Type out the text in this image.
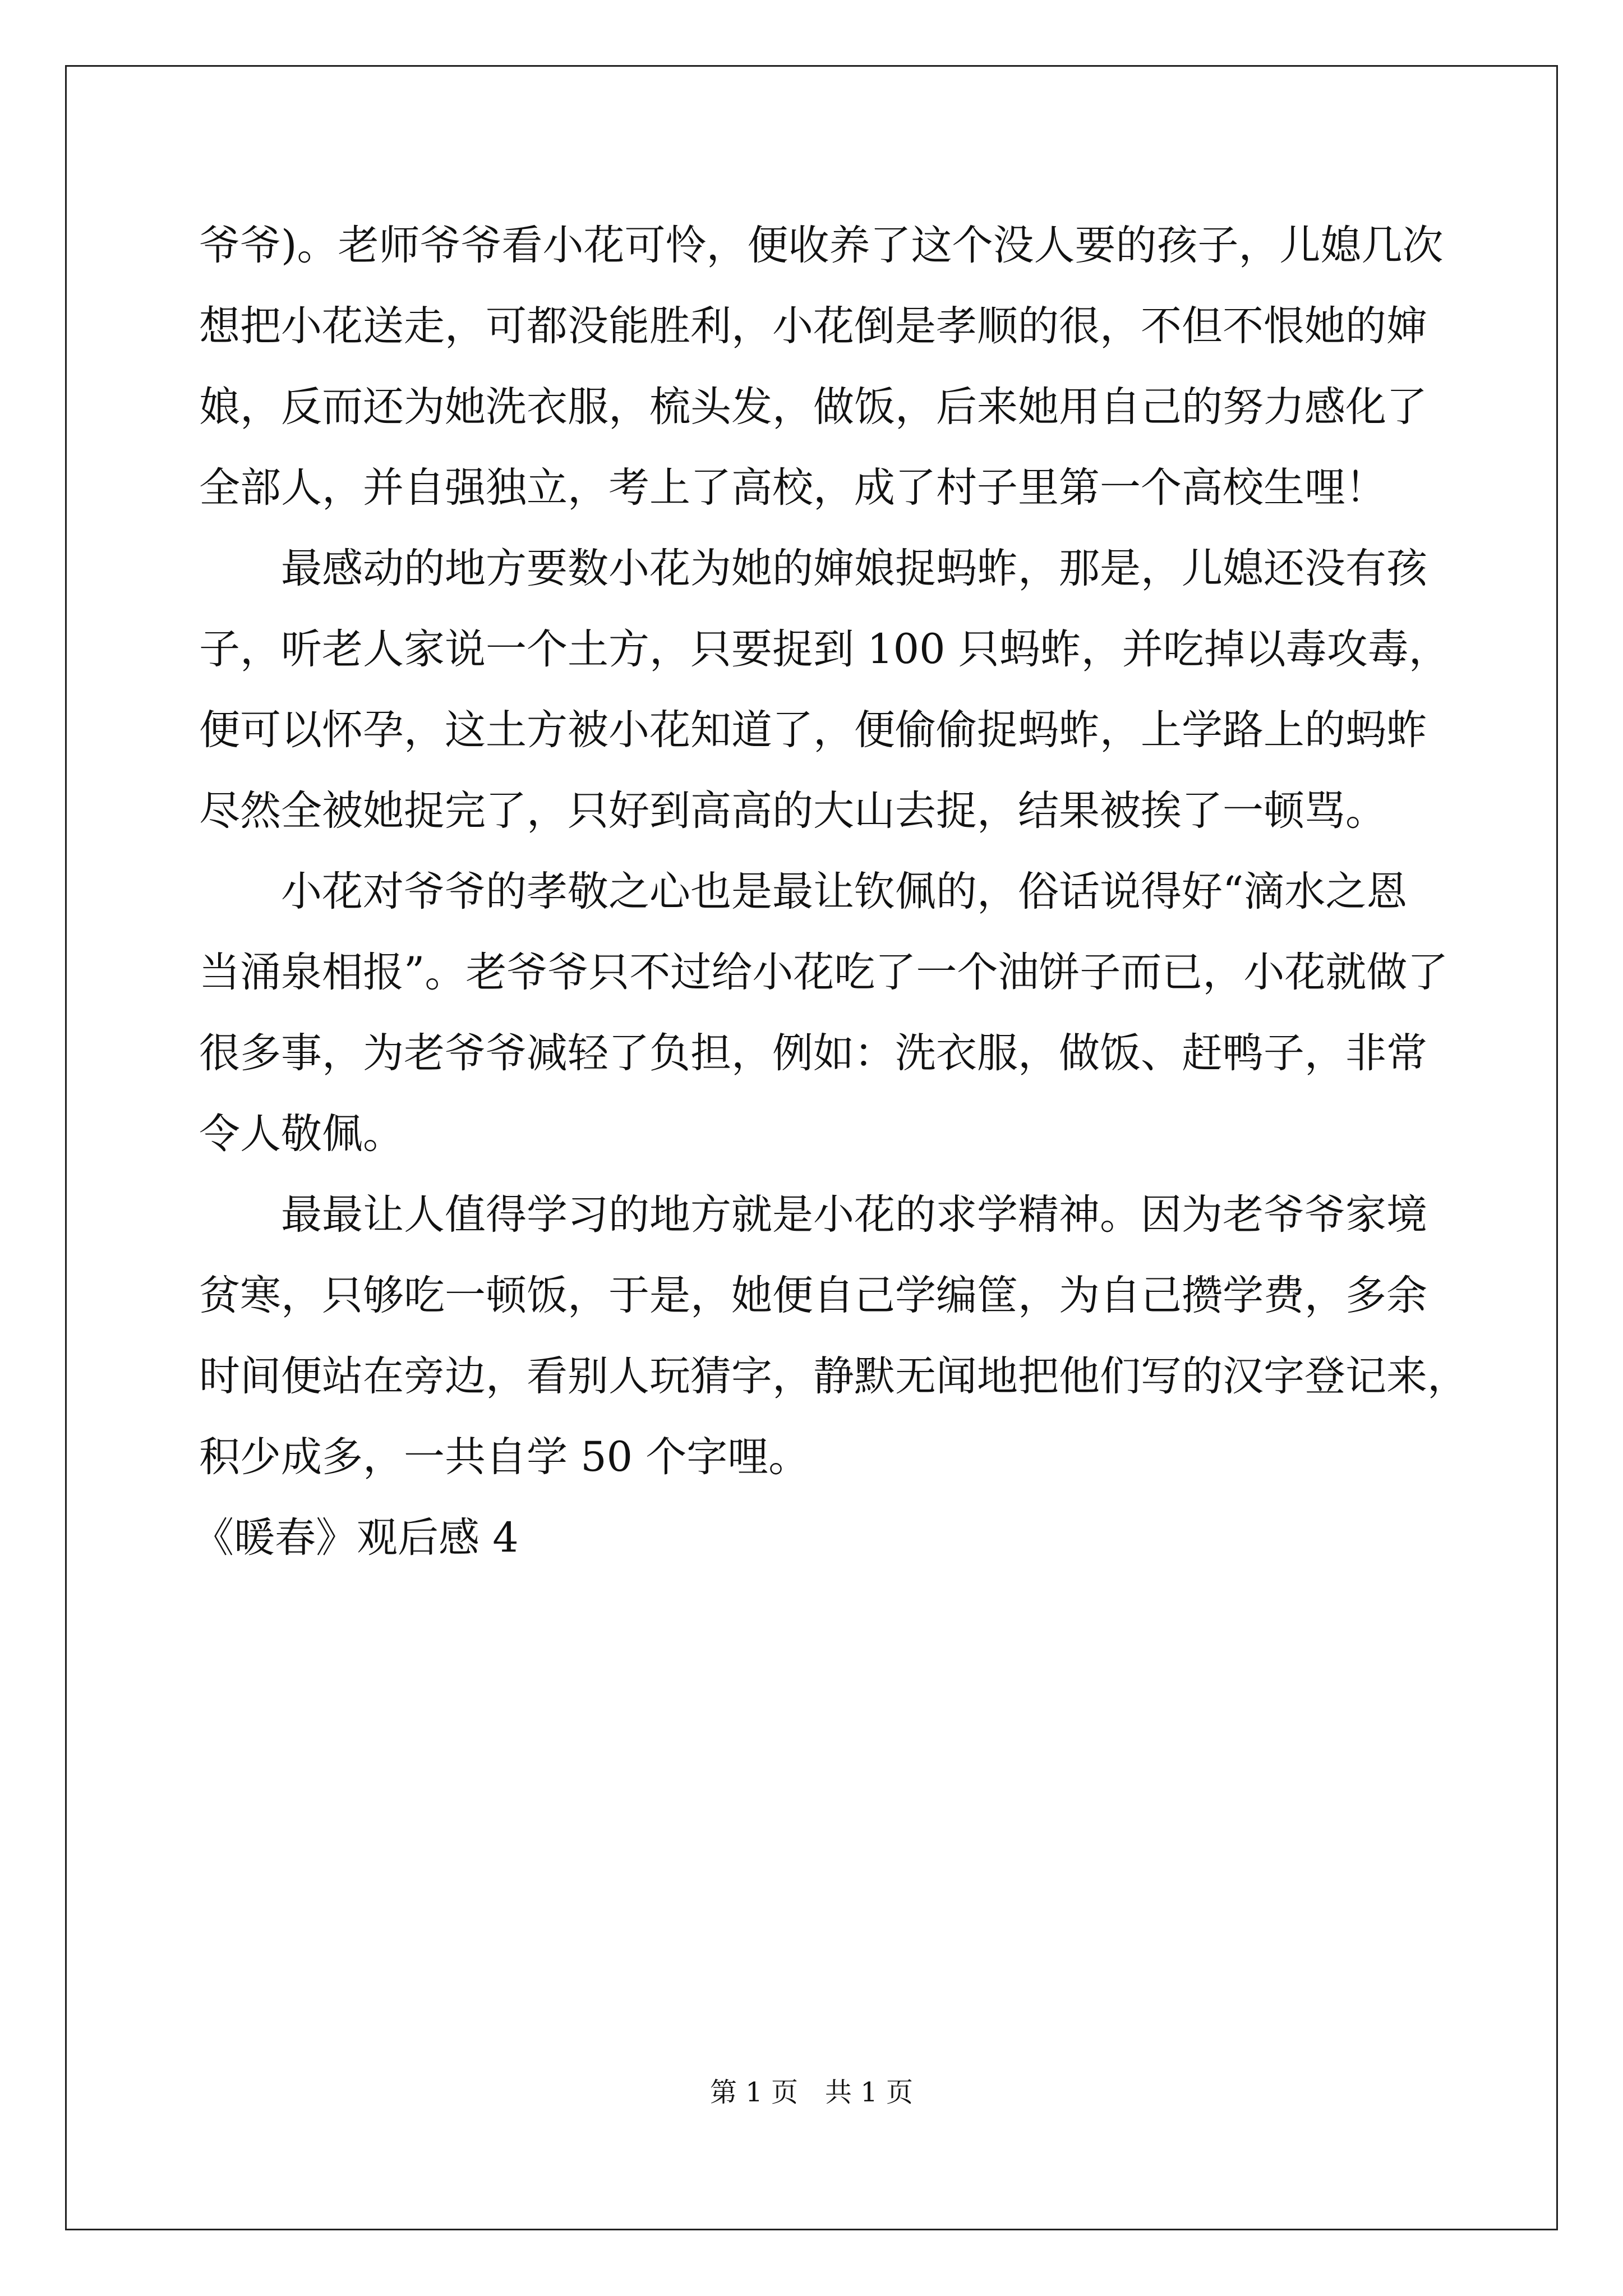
爷爷)。老师爷爷看小花可怜，便收养了这个没人要的孩子，儿媳几次
想把小花送走，可都没能胜利，小花倒是孝顺的很，不但不恨她的婶
娘，反而还为她洗衣服，梳头发，做饭，后来她用自己的努力感化了
全部人，并自强独立，考上了高校，成了村子里第一个高校生哩！
最感动的地方要数小花为她的婶娘捉蚂蚱，那是，儿媳还没有孩
子，听老人家说一个土方，只要捉到 100 只蚂蚱，并吃掉以毒攻毒，
便可以怀孕，这土方被小花知道了，便偷偷捉蚂蚱，上学路上的蚂蚱
尽然全被她捉完了，只好到高高的大山去捉，结果被挨了一顿骂。
小花对爷爷的孝敬之心也是最让钦佩的，俗话说得好“滴水之恩
当涌泉相报”。老爷爷只不过给小花吃了一个油饼子而已，小花就做了
很多事，为老爷爷减轻了负担，例如：洗衣服，做饭、赶鸭子，非常
令人敬佩。
最最让人值得学习的地方就是小花的求学精神。因为老爷爷家境
贫寒，只够吃一顿饭，于是，她便自己学编筐，为自己攒学费，多余
时间便站在旁边，看别人玩猜字，静默无闻地把他们写的汉字登记来，
积少成多，一共自学 50 个字哩。
《暖春》观后感 4
第 1 页 共 1 页
